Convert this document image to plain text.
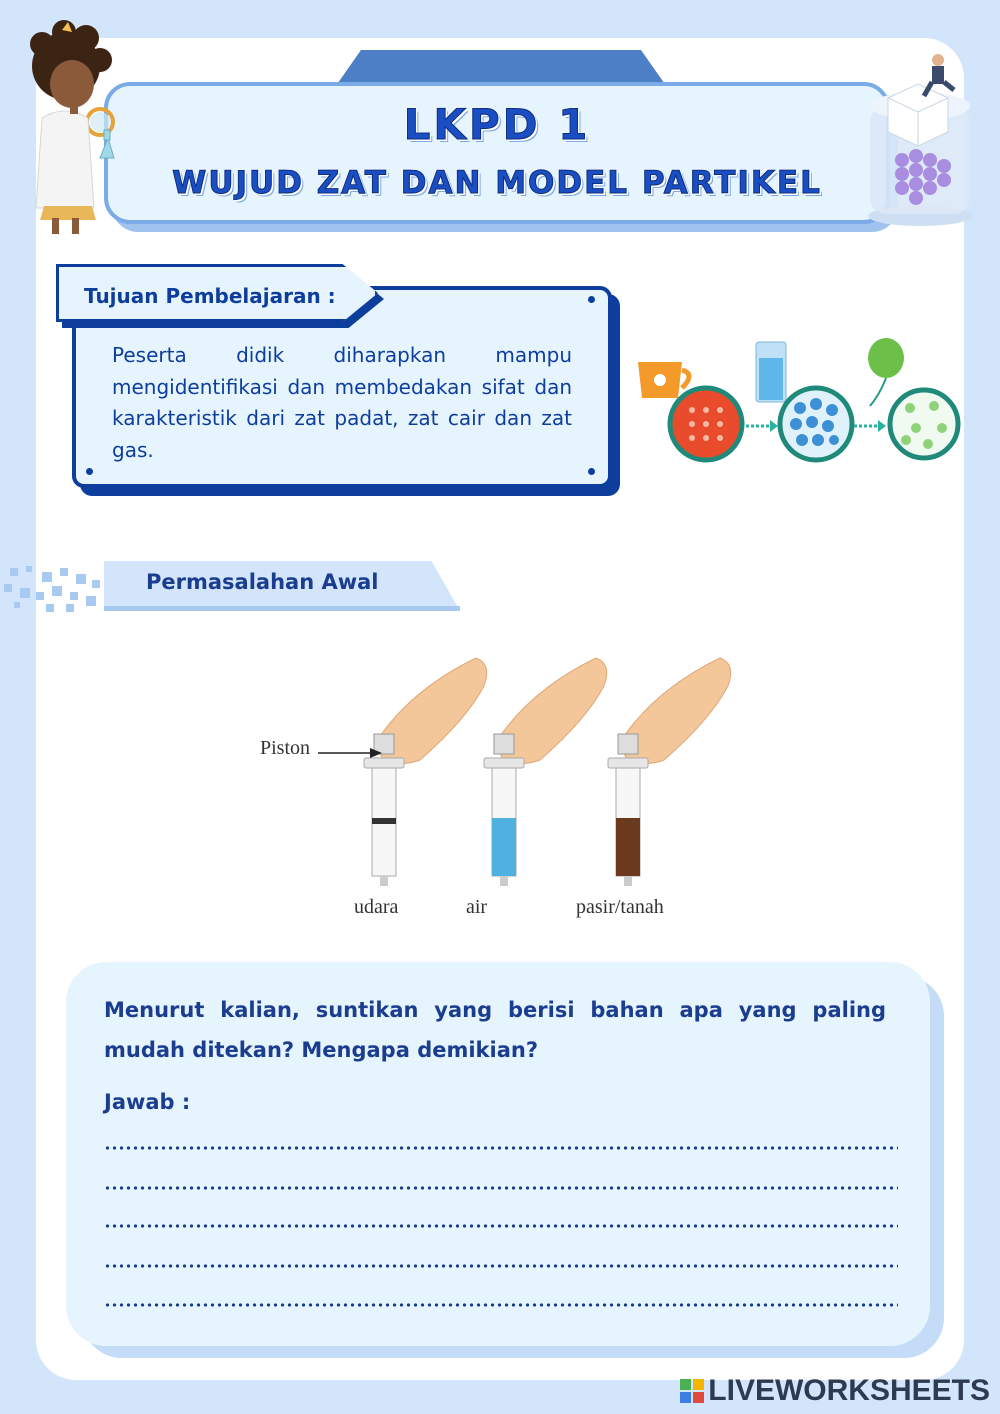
LKPD 1
WUJUD ZAT DAN MODEL PARTIKEL
Tujuan Pembelajaran :
Peserta didik diharapkan mampu mengidentifikasi dan membedakan sifat dan karakteristik dari zat padat, zat cair dan zat gas.
Permasalahan Awal
Piston
udara	air	pasir/tanah
Menurut kalian, suntikan yang berisi bahan apa yang paling mudah ditekan? Mengapa demikian?
Jawab :
LIVEWORKSHEETS
